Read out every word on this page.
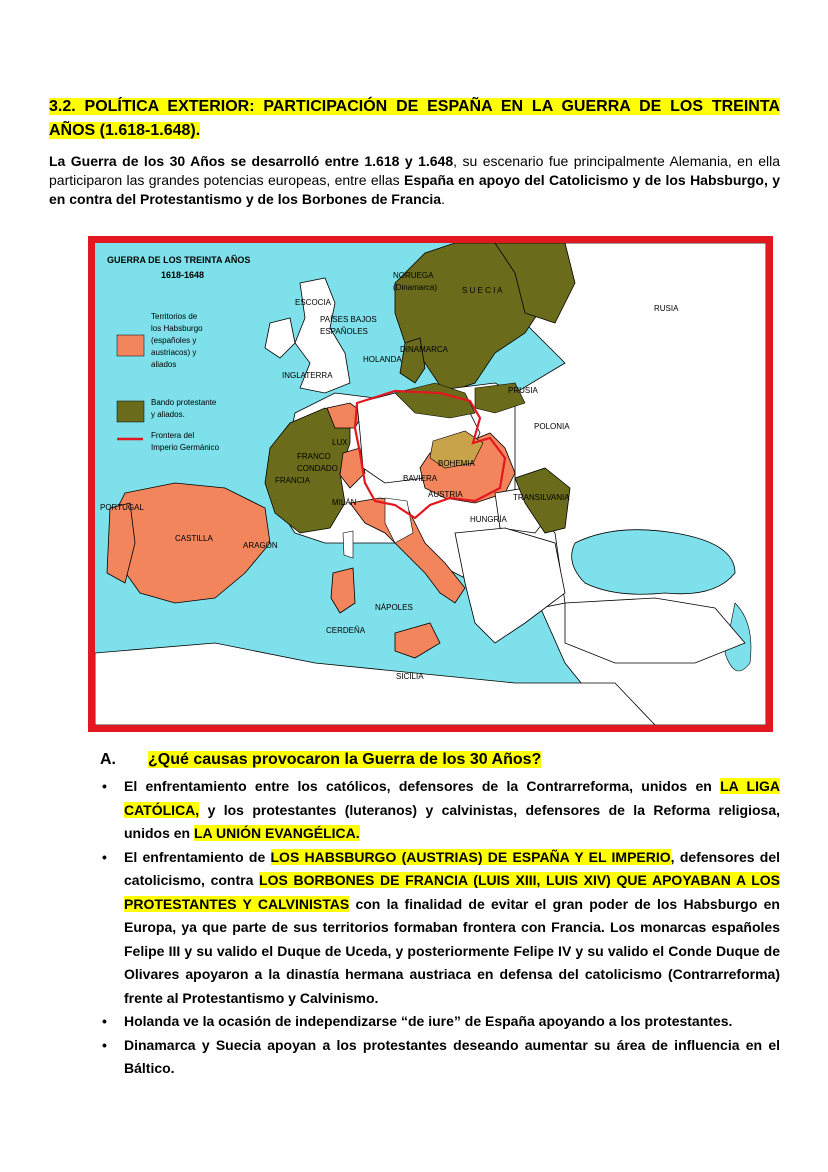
3.2. POLÍTICA EXTERIOR: PARTICIPACIÓN DE ESPAÑA EN LA GUERRA DE LOS TREINTA AÑOS (1.618-1.648).
La Guerra de los 30 Años se desarrolló entre 1.618 y 1.648, su escenario fue principalmente Alemania, en ella participaron las grandes potencias europeas, entre ellas España en apoyo del Catolicismo y de los Habsburgo, y en contra del Protestantismo y de los Borbones de Francia.
GUERRA DE LOS TREINTA AÑOS
1618-1648
Territorios de
los Habsburgo
(españoles y
austriacos) y
aliados
Bando protestante
y aliados.
Frontera del
Imperio Germánico
ESCOCIA
PAÍSES BAJOS
ESPAÑOLES
NORUEGA
(Dinamarca)	S U E C I A
RUSIA
HOLANDA
DINAMARCA
INGLATERRA
PRUSIA
POLONIA
LUX
FRANCO
CONDADO
FRANCIA
BOHEMIA
BAVIERA
AUSTRIA	TRANSILVANIA
PORTUGAL
MILÁN
HUNGRÍA
CASTILLA
ARAGÓN
NÁPOLES
CERDEÑA
SICILIA
A. ¿Qué causas provocaron la Guerra de los 30 Años?
• El enfrentamiento entre los católicos, defensores de la Contrarreforma, unidos en LA LIGA CATÓLICA, y los protestantes (luteranos) y calvinistas, defensores de la Reforma religiosa, unidos en LA UNIÓN EVANGÉLICA.
• El enfrentamiento de LOS HABSBURGO (AUSTRIAS) DE ESPAÑA Y EL IMPERIO, defensores del catolicismo, contra LOS BORBONES DE FRANCIA (LUIS XIII, LUIS XIV) QUE APOYABAN A LOS PROTESTANTES Y CALVINISTAS con la finalidad de evitar el gran poder de los Habsburgo en Europa, ya que parte de sus territorios formaban frontera con Francia. Los monarcas españoles Felipe III y su valido el Duque de Uceda, y posteriormente Felipe IV y su valido el Conde Duque de Olivares apoyaron a la dinastía hermana austriaca en defensa del catolicismo (Contrarreforma) frente al Protestantismo y Calvinismo.
• Holanda ve la ocasión de independizarse “de iure” de España apoyando a los protestantes.
• Dinamarca y Suecia apoyan a los protestantes deseando aumentar su área de influencia en el Báltico.
